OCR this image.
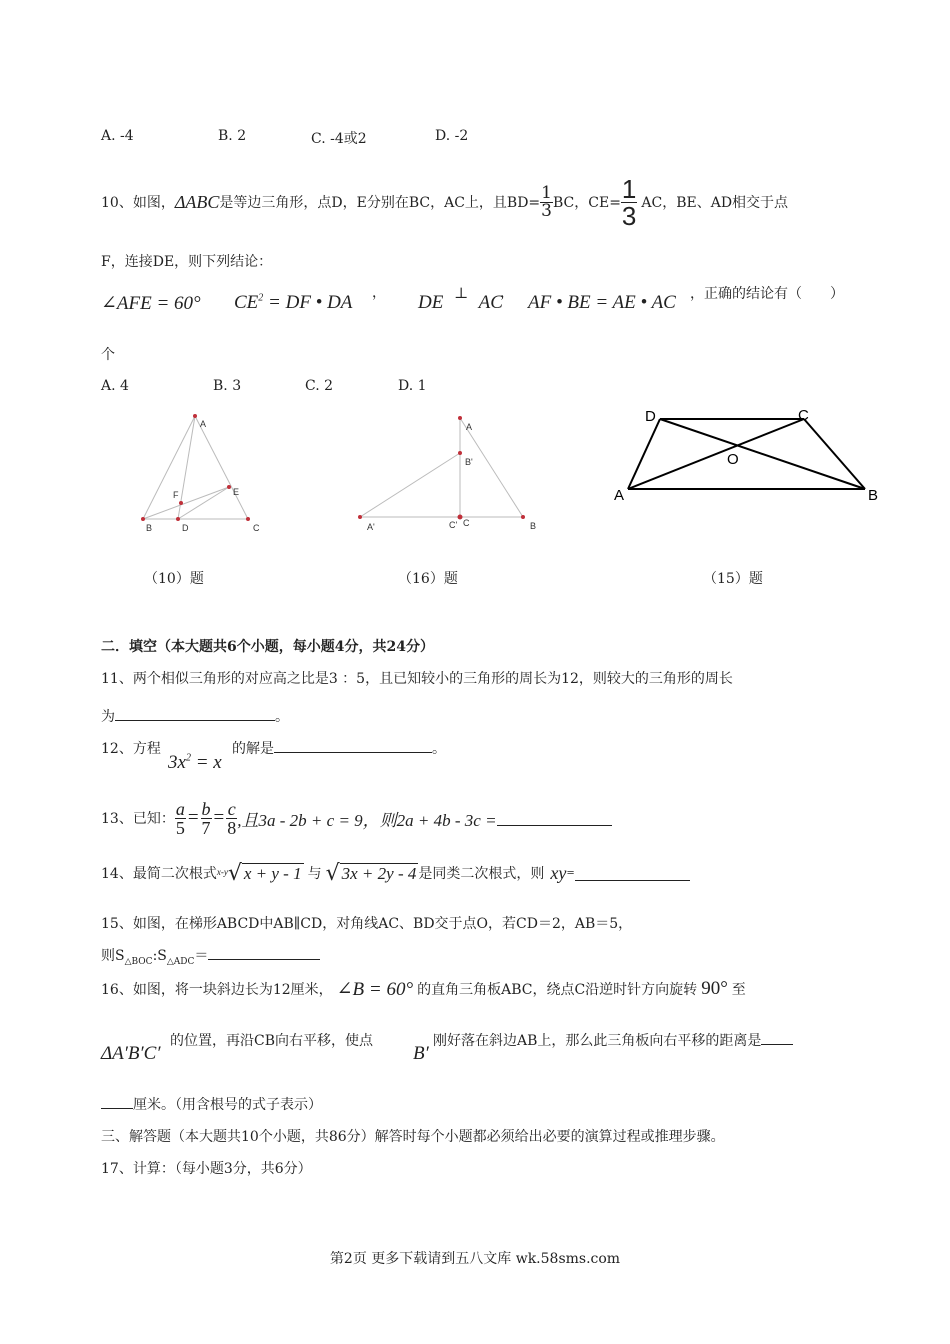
A. -4	B. 2	C. -4或2	D. -2
10、如图， ΔABC 是等边三角形，点D，E分别在BC，AC上，且$BD= \frac{1}{3}$ BC，$CE= \frac{1}{3}$ AC，BE、AD相交于点
F，连接DE，则下列结论：
∠AFE = 60° $CE^2$ = DF • DA ， DE ⊥ AC
， AF • BE = AE • AC ，正确的结论有（　　）
个
A. 4	B. 3	C. 2	D. 1
A
B	C
D
E
F
A
B'
A'	C' C	B
D	C
O
A	B
（10）题	（16）题	（15）题
二．填空（本大题共6个小题，每小题4分，共24分）
11、两个相似三角形的对应高之比是3 ：5，且已知较小的三角形的周长为12，则较大的三角形的周长
为	。
12、方程
$3x^2 = x$
的解是	。
13、已知： $\frac{a}{5} = \frac{b}{7} = \frac{c}{8}$ ,且3a - 2b + c = 9，则2a + 4b - 3c =
14、最简二次根式 x-y √ x + y - 1 与 √ 3x + 2y - 4 是同类二次根式，则 xy =
15、如图，在梯形ABCD中AB∥CD，对角线AC、BD交于点O，若CD＝2，AB＝5，
则$S_{\triangle BOC}:S_{\triangle ADC}=$
16、如图，将一块斜边长为12厘米， ∠B = 60° 的直角三角板ABC，绕点C沿逆时针方向旋转 90° 至
ΔA′B′C′
的位置，再沿CB向右平移，使点
B′
刚好落在斜边AB上，那么此三角板向右平移的距离是
厘米。（用含根号的式子表示）
三、解答题（本大题共10个小题，共86分）解答时每个小题都必须给出必要的演算过程或推理步骤。
17、计算：（每小题3分，共6分）
第2页 更多下载请到五八文库 wk.58sms.com
